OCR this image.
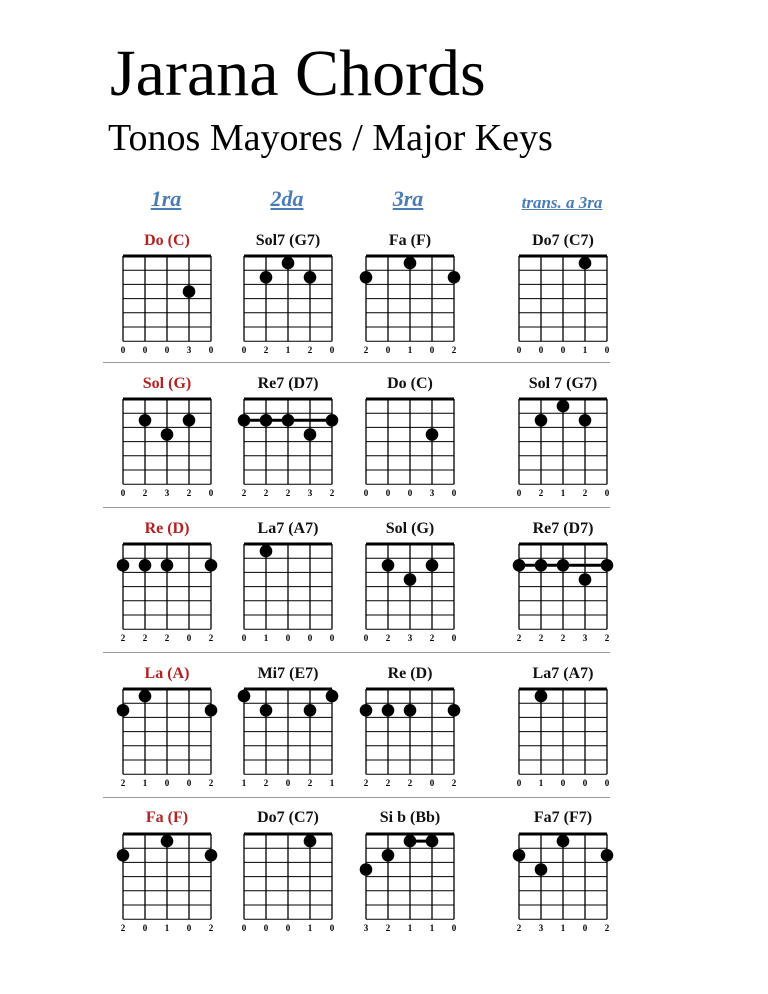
Jarana Chords
Tonos Mayores / Major Keys
1ra	2da	3ra	trans. a 3ra
Do (C)
0 0 0 3 0
Sol7 (G7)
0 2 1 2 0
Fa (F)
2 0 1 0 2
Do7 (C7)
0 0 0 1 0
Sol (G)
0 2 3 2 0
Re7 (D7)
2 2 2 3 2
Do (C)
0 0 0 3 0
Sol 7 (G7)
0 2 1 2 0
Re (D)
2 2 2 0 2
La7 (A7)
0 1 0 0 0
Sol (G)
0 2 3 2 0
Re7 (D7)
2 2 2 3 2
La (A)
2 1 0 0 2
Mi7 (E7)
1 2 0 2 1
Re (D)
2 2 2 0 2
La7 (A7)
0 1 0 0 0
Fa (F)
2 0 1 0 2
Do7 (C7)
0 0 0 1 0
Si b (Bb)
3 2 1 1 0
Fa7 (F7)
2 3 1 0 2
